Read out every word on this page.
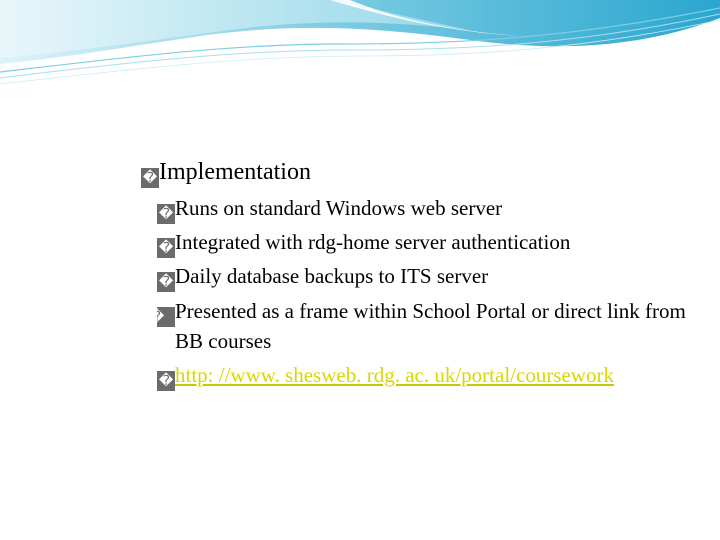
�Implementation
�Runs on standard Windows web server
�Integrated with rdg-home server authentication
�Daily database backups to ITS server
� Presented as a frame within School Portal or direct link from BB courses
�http: //www. shesweb. rdg. ac. uk/portal/coursework
